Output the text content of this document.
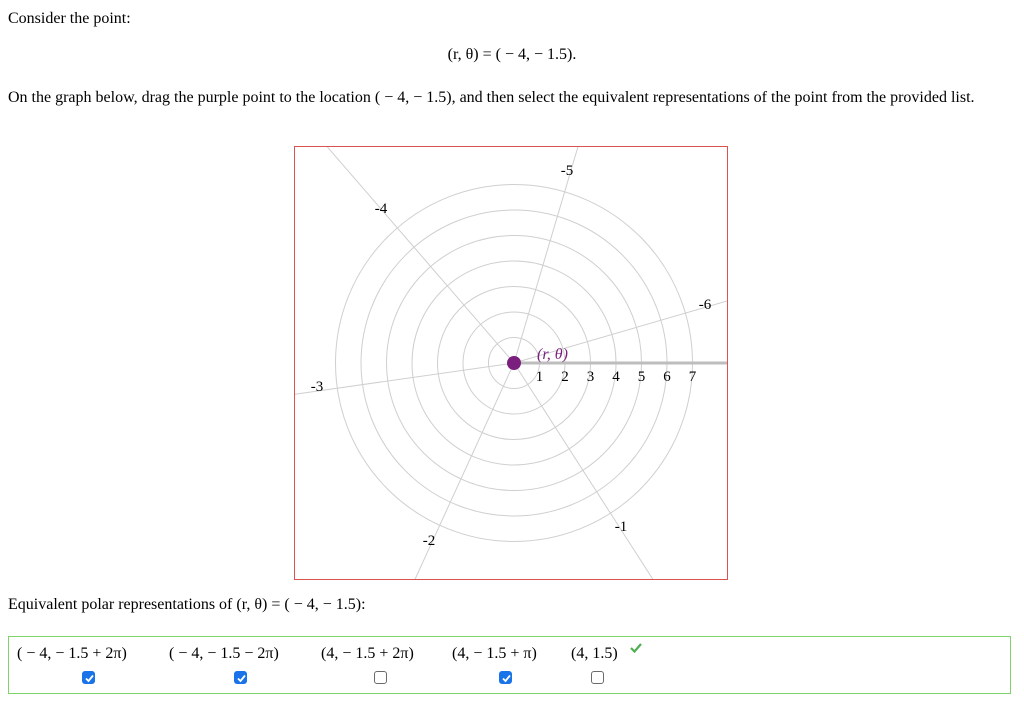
Consider the point:
(r, θ) = ( − 4, − 1.5).
On the graph below, drag the purple point to the location ( − 4, − 1.5), and then select the equivalent representations of the point from the provided list.
-1
-2
-3
-4
-5
-6
1 2 3 4 5 6 7
(r, θ)
Equivalent polar representations of (r, θ) = ( − 4, − 1.5):
( − 4, − 1.5 + 2π)	( − 4, − 1.5 − 2π)	(4, − 1.5 + 2π) (4, − 1.5 + π) (4, 1.5)
